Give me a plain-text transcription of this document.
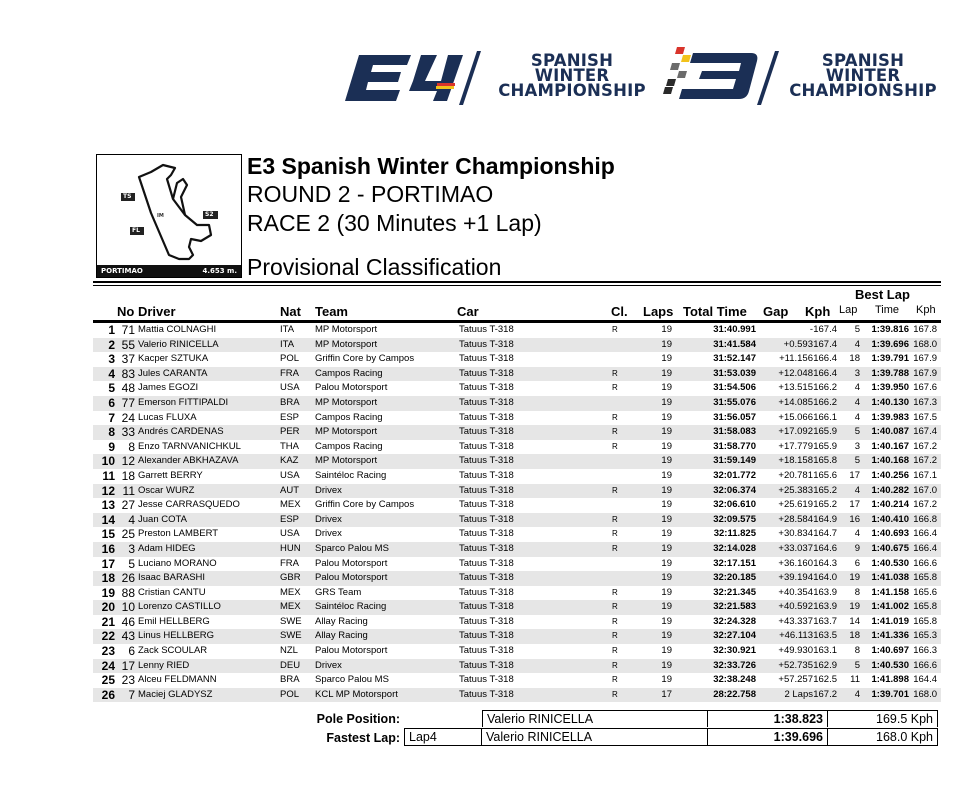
SPANISH
WINTER
CHAMPIONSHIP
SPANISH
WINTER
CHAMPIONSHIP
TS
S2
FL
IM
PORTIMAO	4.653 m.
E3 Spanish Winter Championship
ROUND 2 - PORTIMAO
RACE 2 (30 Minutes +1 Lap)
Provisional Classification
No Driver	Nat Team	Car	Cl. Laps Total Time Gap Kph
Best Lap
Lap Time Kph
1 71 Mattia COLNAGHI	ITA MP Motorsport	Tatuus T-318	R	19	31:40.991	- 167.4	5	1:39.816 167.8
2 55 Valerio RINICELLA	ITA MP Motorsport	Tatuus T-318	19	31:41.584	+0.593 167.4	4	1:39.696 168.0
3 37 Kacper SZTUKA	POL Griffin Core by Campos	Tatuus T-318	19	31:52.147	+11.156 166.4	18	1:39.791 167.9
4 83 Jules CARANTA	FRA Campos Racing	Tatuus T-318	R	19	31:53.039	+12.048 166.4	3	1:39.788 167.9
5 48 James EGOZI	USA Palou Motorsport	Tatuus T-318	R	19	31:54.506	+13.515 166.2	4	1:39.950 167.6
6 77 Emerson FITTIPALDI	BRA MP Motorsport	Tatuus T-318	19	31:55.076	+14.085 166.2	4	1:40.130 167.3
7 24 Lucas FLUXA	ESP Campos Racing	Tatuus T-318	R	19	31:56.057	+15.066 166.1	4	1:39.983 167.5
8 33 Andrés CARDENAS	PER MP Motorsport	Tatuus T-318	R	19	31:58.083	+17.092 165.9	5	1:40.087 167.4
9	8 Enzo TARNVANICHKUL	THA Campos Racing	Tatuus T-318	R	19	31:58.770	+17.779 165.9	3	1:40.167 167.2
10 12 Alexander ABKHAZAVA	KAZ MP Motorsport	Tatuus T-318	19	31:59.149	+18.158 165.8	5	1:40.168 167.2
11 18 Garrett BERRY	USA Saintéloc Racing	Tatuus T-318	19	32:01.772	+20.781 165.6	17	1:40.256 167.1
12 11 Oscar WURZ	AUT Drivex	Tatuus T-318	R	19	32:06.374	+25.383 165.2	4	1:40.282 167.0
13 27 Jesse CARRASQUEDO	MEX Griffin Core by Campos	Tatuus T-318	19	32:06.610	+25.619 165.2	17	1:40.214 167.2
14	4 Juan COTA	ESP Drivex	Tatuus T-318	R	19	32:09.575	+28.584 164.9	16	1:40.410 166.8
15 25 Preston LAMBERT	USA Drivex	Tatuus T-318	R	19	32:11.825	+30.834 164.7	4	1:40.693 166.4
16	3 Adam HIDEG	HUN Sparco Palou MS	Tatuus T-318	R	19	32:14.028	+33.037 164.6	9	1:40.675 166.4
17	5 Luciano MORANO	FRA Palou Motorsport	Tatuus T-318	19	32:17.151	+36.160 164.3	6	1:40.530 166.6
18 26 Isaac BARASHI	GBR Palou Motorsport	Tatuus T-318	19	32:20.185	+39.194 164.0	19	1:41.038 165.8
19 88 Cristian CANTU	MEX GRS Team	Tatuus T-318	R	19	32:21.345	+40.354 163.9	8	1:41.158 165.6
20 10 Lorenzo CASTILLO	MEX Saintéloc Racing	Tatuus T-318	R	19	32:21.583	+40.592 163.9	19	1:41.002 165.8
21 46 Emil HELLBERG	SWE Allay Racing	Tatuus T-318	R	19	32:24.328	+43.337 163.7	14	1:41.019 165.8
22 43 Linus HELLBERG	SWE Allay Racing	Tatuus T-318	R	19	32:27.104	+46.113 163.5	18	1:41.336 165.3
23	6 Zack SCOULAR	NZL Palou Motorsport	Tatuus T-318	R	19	32:30.921	+49.930 163.1	8	1:40.697 166.3
24 17 Lenny RIED	DEU Drivex	Tatuus T-318	R	19	32:33.726	+52.735 162.9	5	1:40.530 166.6
25 23 Alceu FELDMANN	BRA Sparco Palou MS	Tatuus T-318	R	19	32:38.248	+57.257 162.5	11	1:41.898 164.4
26	7 Maciej GLADYSZ	POL KCL MP Motorsport	Tatuus T-318	R	17	28:22.758	2 Laps 167.2	4	1:39.701 168.0
Pole Position:	Valerio RINICELLA	1:38.823	169.5 Kph
Fastest Lap: Lap4	Valerio RINICELLA	1:39.696	168.0 Kph
